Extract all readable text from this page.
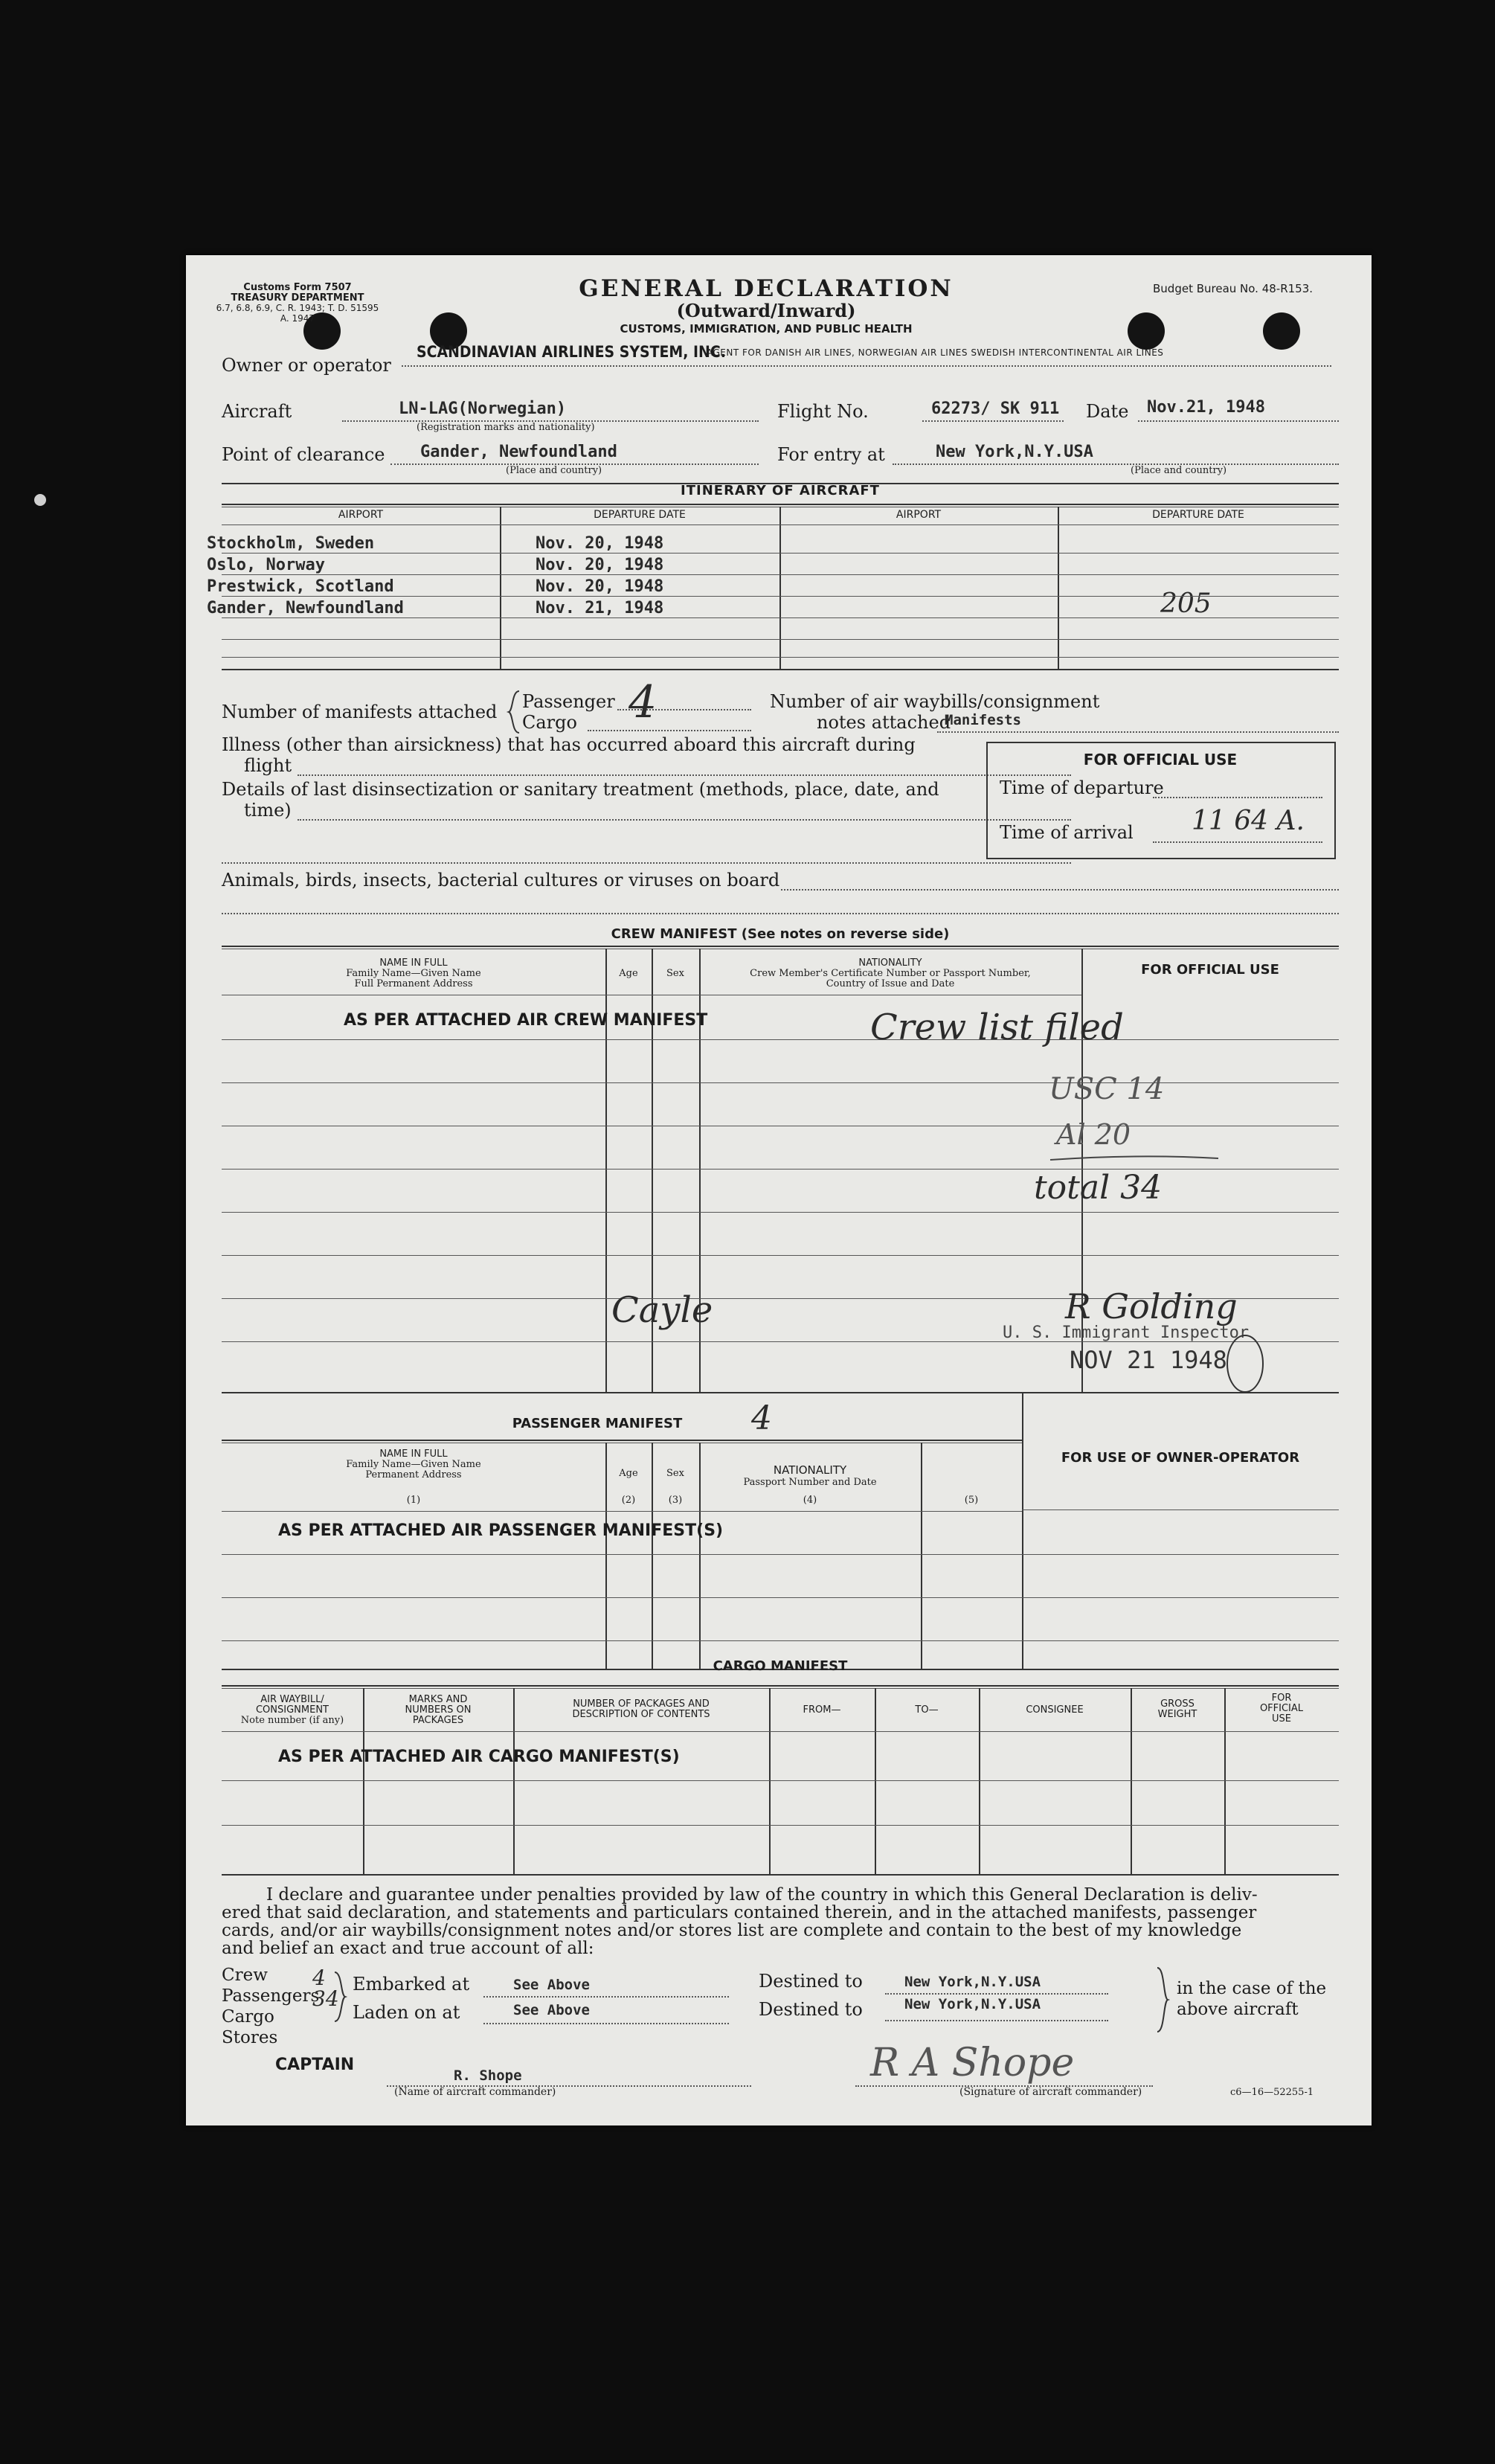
Customs Form 7507
TREASURY DEPARTMENT
6.7, 6.8, 6.9, C. R. 1943; T. D. 51595
A. 1947
GENERAL DECLARATION
(Outward/Inward)
CUSTOMS, IMMIGRATION, AND PUBLIC HEALTH
Budget Bureau No. 48-R153.
Owner or operator
SCANDINAVIAN AIRLINES SYSTEM, INC.
AGENT FOR DANISH AIR LINES, NORWEGIAN AIR LINES SWEDISH INTERCONTINENTAL AIR LINES
Aircraft	LN-LAG(Norwegian)
(Registration marks and nationality)
Flight No.	62273/ SK 911 Date Nov.21, 1948
Point of clearance Gander, Newfoundland
(Place and country)
For entry at	New York,N.Y.USA
(Place and country)
ITINERARY OF AIRCRAFT
AIRPORT	DEPARTURE DATE	AIRPORT	DEPARTURE DATE
Stockholm, Sweden	Nov. 20, 1948
Oslo, Norway	Nov. 20, 1948
Prestwick, Scotland	Nov. 20, 1948
Gander, Newfoundland	Nov. 21, 1948	205
Number of manifests attached Passenger
Cargo 4	Number of air waybills/consignment
notes attached
Manifests
Illness (other than airsickness) that has occurred aboard this aircraft during
flight
Details of last disinsectization or sanitary treatment (methods, place, date, and
time)
FOR OFFICIAL USE
Time of departure
Time of arrival 11 64 A.
Animals, birds, insects, bacterial cultures or viruses on board
CREW MANIFEST (See notes on reverse side)
NAME IN FULL
Family Name—Given Name
Full Permanent Address
Age	Sex
NATIONALITY
Crew Member's Certificate Number or Passport Number,
Country of Issue and Date
FOR OFFICIAL USE
AS PER ATTACHED AIR CREW MANIFEST	Crew list filed
USC 14
Al 20
total 34
Cayle	R Golding
U. S. Immigrant Inspector
NOV 21 1948
PASSENGER MANIFEST	4
NAME IN FULL
Family Name—Given Name
Permanent Address
(1)
Age
(2)
Sex
(3)
NATIONALITY
Passport Number and Date
(4)	(5)
FOR USE OF OWNER-OPERATOR
AS PER ATTACHED AIR PASSENGER MANIFEST(S)
CARGO MANIFEST
AIR WAYBILL/
CONSIGNMENT
Note number (if any)
MARKS AND
NUMBERS ON
PACKAGES
NUMBER OF PACKAGES AND
DESCRIPTION OF CONTENTS	FROM—	TO—	CONSIGNEE
GROSS
WEIGHT
FOR
OFFICIAL
USE
AS PER ATTACHED AIR CARGO MANIFEST(S)
I declare and guarantee under penalties provided by law of the country in which this General Declaration is deliv-
ered that said declaration, and statements and particulars contained therein, and in the attached manifests, passenger
cards, and/or air waybills/consignment notes and/or stores list are complete and contain to the best of my knowledge
and belief an exact and true account of all:
Crew
Passengers
Cargo
Stores
4 34
Embarked at	See Above
Laden on at	See Above
Destined to	New York,N.Y.USA
Destined to	New York,N.Y.USA
in the case of the
above aircraft
CAPTAIN
R. Shope
(Name of aircraft commander)
R A Shope
(Signature of aircraft commander)	c6—16—52255-1
